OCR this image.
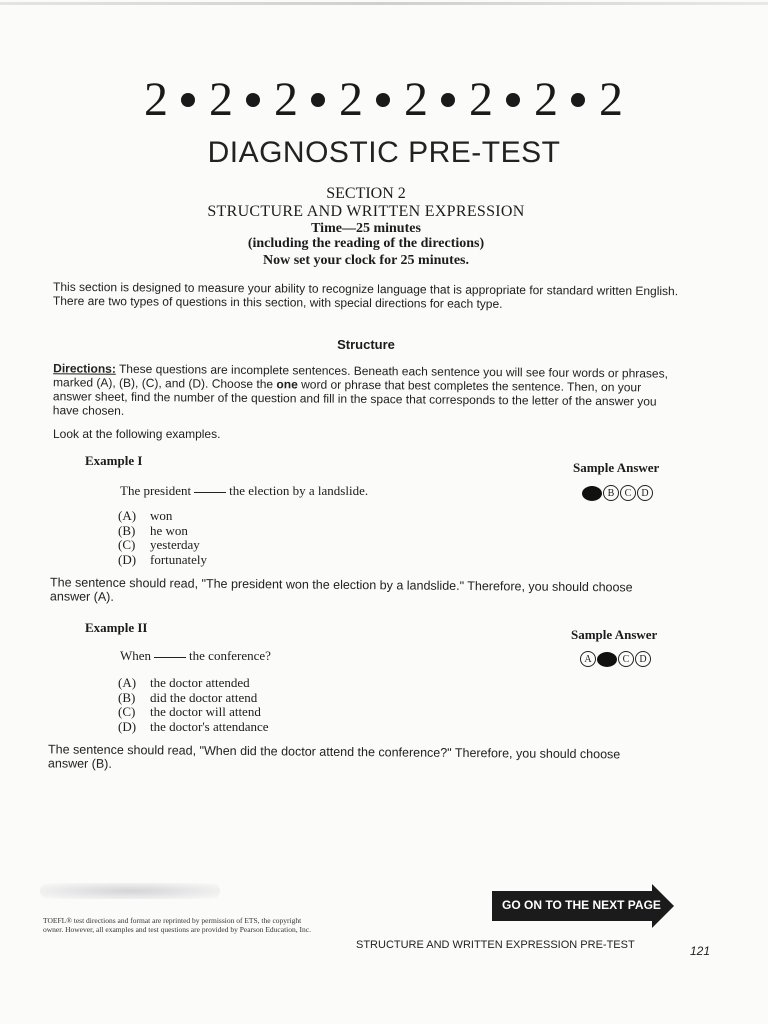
2 2 2 2 2 2 2 2
DIAGNOSTIC PRE-TEST
SECTION 2
STRUCTURE AND WRITTEN EXPRESSION
Time—25 minutes
(including the reading of the directions)
Now set your clock for 25 minutes.
This section is designed to measure your ability to recognize language that is appropriate for standard written English. There are two types of questions in this section, with special directions for each type.
Structure
Directions: These questions are incomplete sentences. Beneath each sentence you will see four words or phrases, marked (A), (B), (C), and (D). Choose the one word or phrase that best completes the sentence. Then, on your answer sheet, find the number of the question and fill in the space that corresponds to the letter of the answer you have chosen.
Look at the following examples.
Example I	Sample Answer
The president	the election by a landslide.	B	C	D
(A)	won
(B)	he won
(C)	yesterday
(D)	fortunately
The sentence should read, "The president won the election by a landslide." Therefore, you should choose answer (A).
Example II	Sample Answer
When	the conference?	A	C	D
(A)	the doctor attended
(B)	did the doctor attend
(C)	the doctor will attend
(D)	the doctor's attendance
The sentence should read, "When did the doctor attend the conference?" Therefore, you should choose answer (B).
GO ON TO THE NEXT PAGE
TOEFL® test directions and format are reprinted by permission of ETS, the copyright owner. However, all examples and test questions are provided by Pearson Education, Inc.
STRUCTURE AND WRITTEN EXPRESSION PRE-TEST	121
